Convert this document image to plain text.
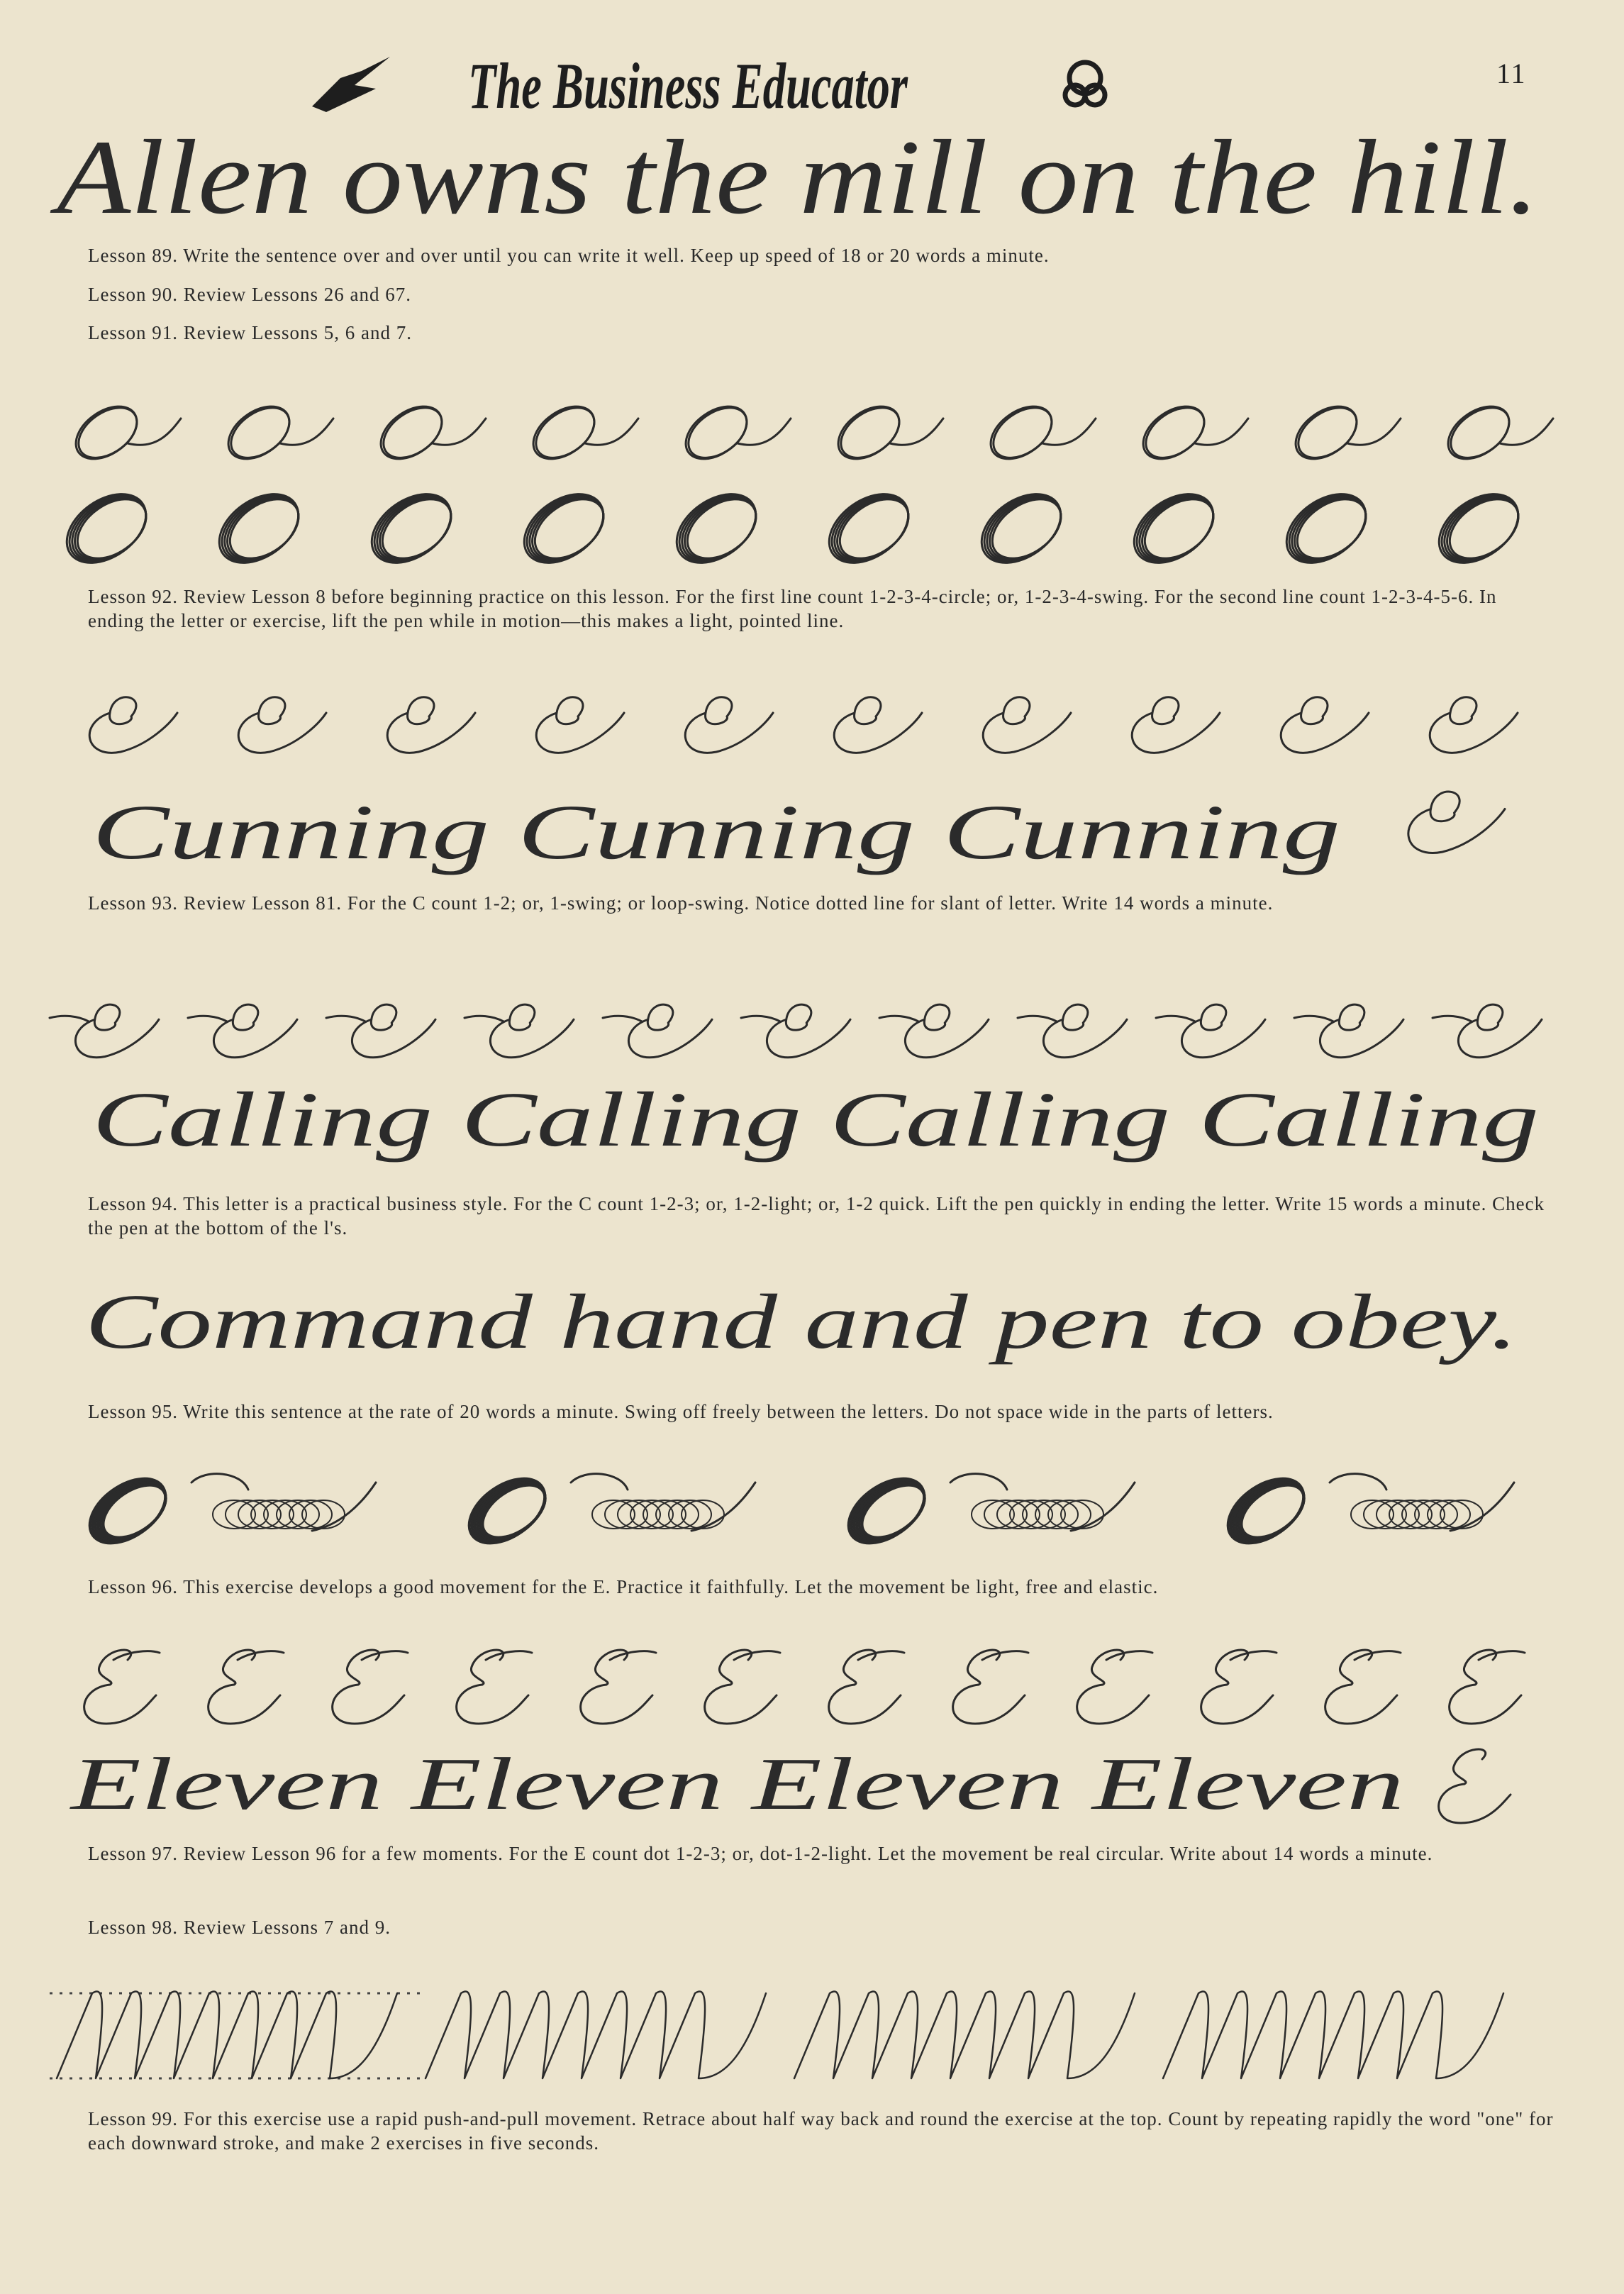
The Business Educator	11
Allen owns the mill on the hill.
Lesson 89. Write the sentence over and over until you can write it well. Keep up speed of 18 or 20 words a minute.
Lesson 90. Review Lessons 26 and 67.
Lesson 91. Review Lessons 5, 6 and 7.
Lesson 92. Review Lesson 8 before beginning practice on this lesson. For the first line count 1-2-3-4-circle; or, 1-2-3-4-swing. For the second line count 1-2-3-4-5-6. In ending the letter or exercise, lift the pen while in motion—this makes a light, pointed line.
Cunning Cunning Cunning
Lesson 93. Review Lesson 81. For the C count 1-2; or, 1-swing; or loop-swing. Notice dotted line for slant of letter. Write 14 words a minute.
Calling Calling Calling Calling
Lesson 94. This letter is a practical business style. For the C count 1-2-3; or, 1-2-light; or, 1-2 quick. Lift the pen quickly in ending the letter. Write 15 words a minute. Check the pen at the bottom of the l's.
Command hand and pen to obey.
Lesson 95. Write this sentence at the rate of 20 words a minute. Swing off freely between the letters. Do not space wide in the parts of letters.
Lesson 96. This exercise develops a good movement for the E. Practice it faithfully. Let the movement be light, free and elastic.
Eleven Eleven Eleven Eleven
Lesson 97. Review Lesson 96 for a few moments. For the E count dot 1-2-3; or, dot-1-2-light. Let the movement be real circular. Write about 14 words a minute.
Lesson 98. Review Lessons 7 and 9.
Lesson 99. For this exercise use a rapid push-and-pull movement. Retrace about half way back and round the exercise at the top. Count by repeating rapidly the word "one" for each downward stroke, and make 2 exercises in five seconds.
